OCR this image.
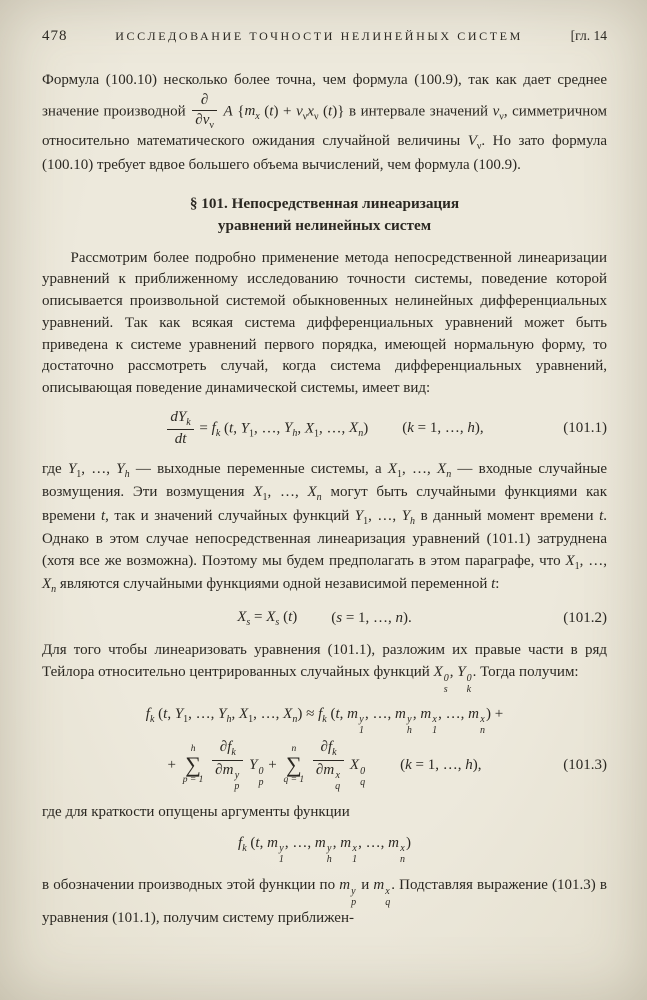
478	ИССЛЕДОВАНИЕ ТОЧНОСТИ НЕЛИНЕЙНЫХ СИСТЕМ	[гл. 14

Формула (100.10) несколько более точна, чем формула (100.9), так как дает среднее значение производной $\frac{\partial}{\partial v_\nu}$ A {$m_x$ $(t) + v_\nu x_\nu$ (t)} в интервале значений $v_\nu$, симметричном относительно математического ожидания случайной величины $V_\nu$. Но зато формула (100.10) требует вдвое большего объема вычислений, чем формула (100.9).

§ 101. Непосредственная линеаризация
уравнений нелинейных систем

Рассмотрим более подробно применение метода непосредственной линеаризации уравнений к приближенному исследованию точности системы, поведение которой описывается произвольной системой обыкновенных нелинейных дифференциальных уравнений. Так как всякая система дифференциальных уравнений может быть приведена к системе уравнений первого порядка, имеющей нормальную форму, то достаточно рассмотреть случай, когда система дифференциальных уравнений, описывающая поведение динамической системы, имеет вид:

$\frac{dY_k}{dt} = f_k$ (t, $Y_1$, …, $Y_h$, $X_1$, …, $X_n$) (k = 1, …, h),	(101.1)

где $Y_1$, …, $Y_h$ — выходные переменные системы, а $X_1$, …, $X_n$ — входные случайные возмущения. Эти возмущения $X_1$, …, $X_n$ могут быть случайными функциями как времени t, так и значений случайных функций $Y_1$, …, $Y_h$ в данный момент времени t. Однако в этом случае непосредственная линеаризация уравнений (101.1) затруднена (хотя все же возможна). Поэтому мы будем предполагать в этом параграфе, что $X_1$, …, $X_n$ являются случайными функциями одной независимой переменной t:

$X_s = X_s$ (t) (s = 1, …, n).	(101.2)

Для того чтобы линеаризовать уравнения (101.1), разложим их правые части в ряд Тейлора относительно центрированных случайных функций X 0
s
, Y 0
k
. Тогда получим:

$f_k$ (t, $Y_1$, …, $Y_h$, $X_1$, …, $X_n) \approx f_k$ (t, m y
1
, …, m y
h
, m x
1
, …, m x
n
) +
+
h
∑
p = 1
$\partial f_k$
∂m y
p Y 0
p
+
n
∑
q = 1
$\partial f_k$
∂m x
q X 0
q
(k = 1, …, h),	(101.3)

где для краткости опущены аргументы функции

$f_k$ (t, m y
1
, …, m y
h
, m x
1
, …, m x
n
)

в обозначении производных этой функции по m y
p
и m x
q
. Подставляя выражение (101.3) в уравнения (101.1), получим систему приближен-
